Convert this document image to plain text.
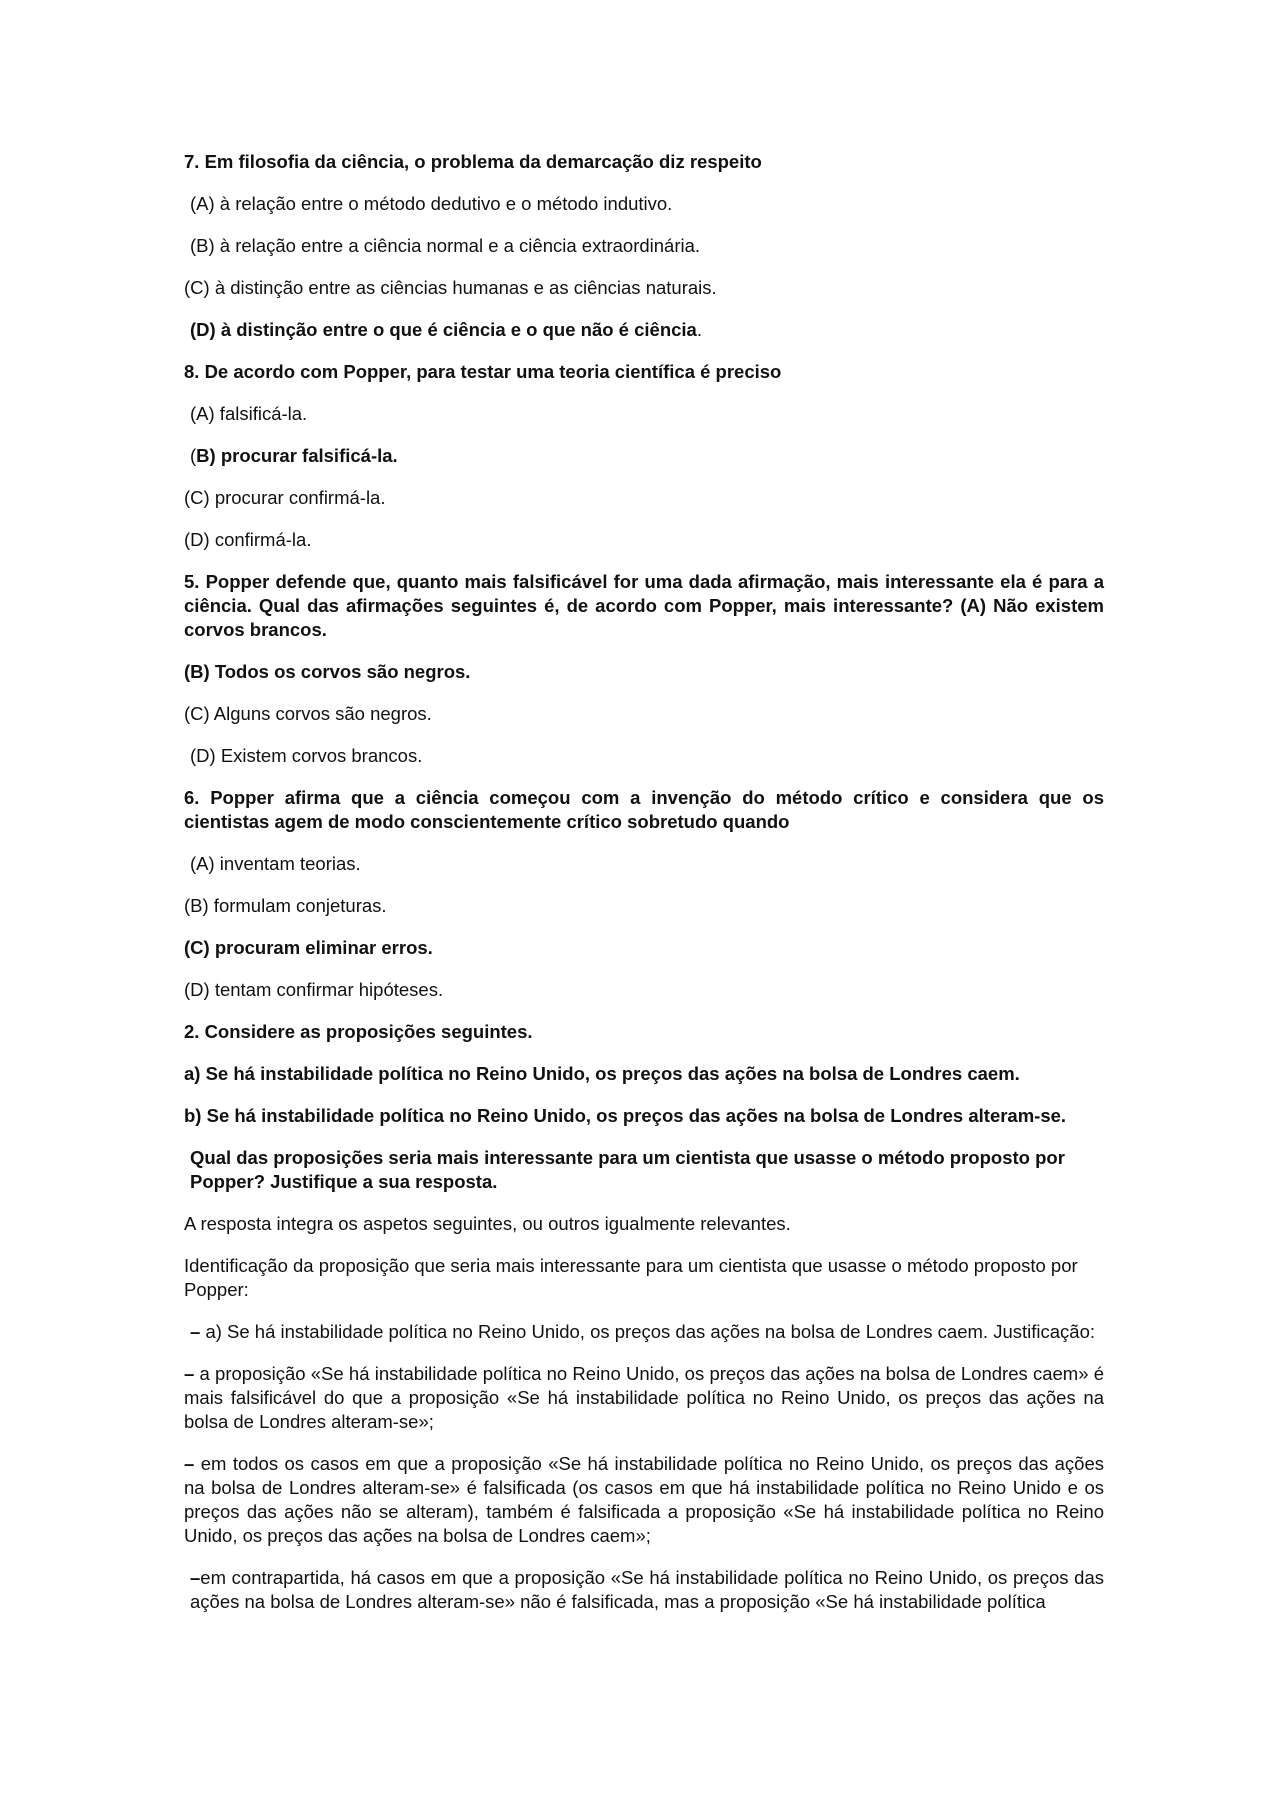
7. Em filosofia da ciência, o problema da demarcação diz respeito

(A) à relação entre o método dedutivo e o método indutivo.

(B) à relação entre a ciência normal e a ciência extraordinária.

(C) à distinção entre as ciências humanas e as ciências naturais.

(D) à distinção entre o que é ciência e o que não é ciência.

8. De acordo com Popper, para testar uma teoria científica é preciso

(A) falsificá-la.

(B) procurar falsificá-la.

(C) procurar confirmá-la.

(D) confirmá-la.

5. Popper defende que, quanto mais falsificável for uma dada afirmação, mais interessante ela é para a ciência. Qual das afirmações seguintes é, de acordo com Popper, mais interessante? (A) Não existem corvos brancos.

(B) Todos os corvos são negros.

(C) Alguns corvos são negros.

(D) Existem corvos brancos.

6. Popper afirma que a ciência começou com a invenção do método crítico e considera que os cientistas agem de modo conscientemente crítico sobretudo quando

(A) inventam teorias.

(B) formulam conjeturas.

(C) procuram eliminar erros.

(D) tentam confirmar hipóteses.

2. Considere as proposições seguintes.

a) Se há instabilidade política no Reino Unido, os preços das ações na bolsa de Londres caem.

b) Se há instabilidade política no Reino Unido, os preços das ações na bolsa de Londres alteram-se.

Qual das proposições seria mais interessante para um cientista que usasse o método proposto por Popper? Justifique a sua resposta.

A resposta integra os aspetos seguintes, ou outros igualmente relevantes.

Identificação da proposição que seria mais interessante para um cientista que usasse o método proposto por Popper:

– a) Se há instabilidade política no Reino Unido, os preços das ações na bolsa de Londres caem. Justificação:

– a proposição «Se há instabilidade política no Reino Unido, os preços das ações na bolsa de Londres caem» é mais falsificável do que a proposição «Se há instabilidade política no Reino Unido, os preços das ações na bolsa de Londres alteram-se»;

– em todos os casos em que a proposição «Se há instabilidade política no Reino Unido, os preços das ações na bolsa de Londres alteram-se» é falsificada (os casos em que há instabilidade política no Reino Unido e os preços das ações não se alteram), também é falsificada a proposição «Se há instabilidade política no Reino Unido, os preços das ações na bolsa de Londres caem»;

–em contrapartida, há casos em que a proposição «Se há instabilidade política no Reino Unido, os preços das ações na bolsa de Londres alteram-se» não é falsificada, mas a proposição «Se há instabilidade política
